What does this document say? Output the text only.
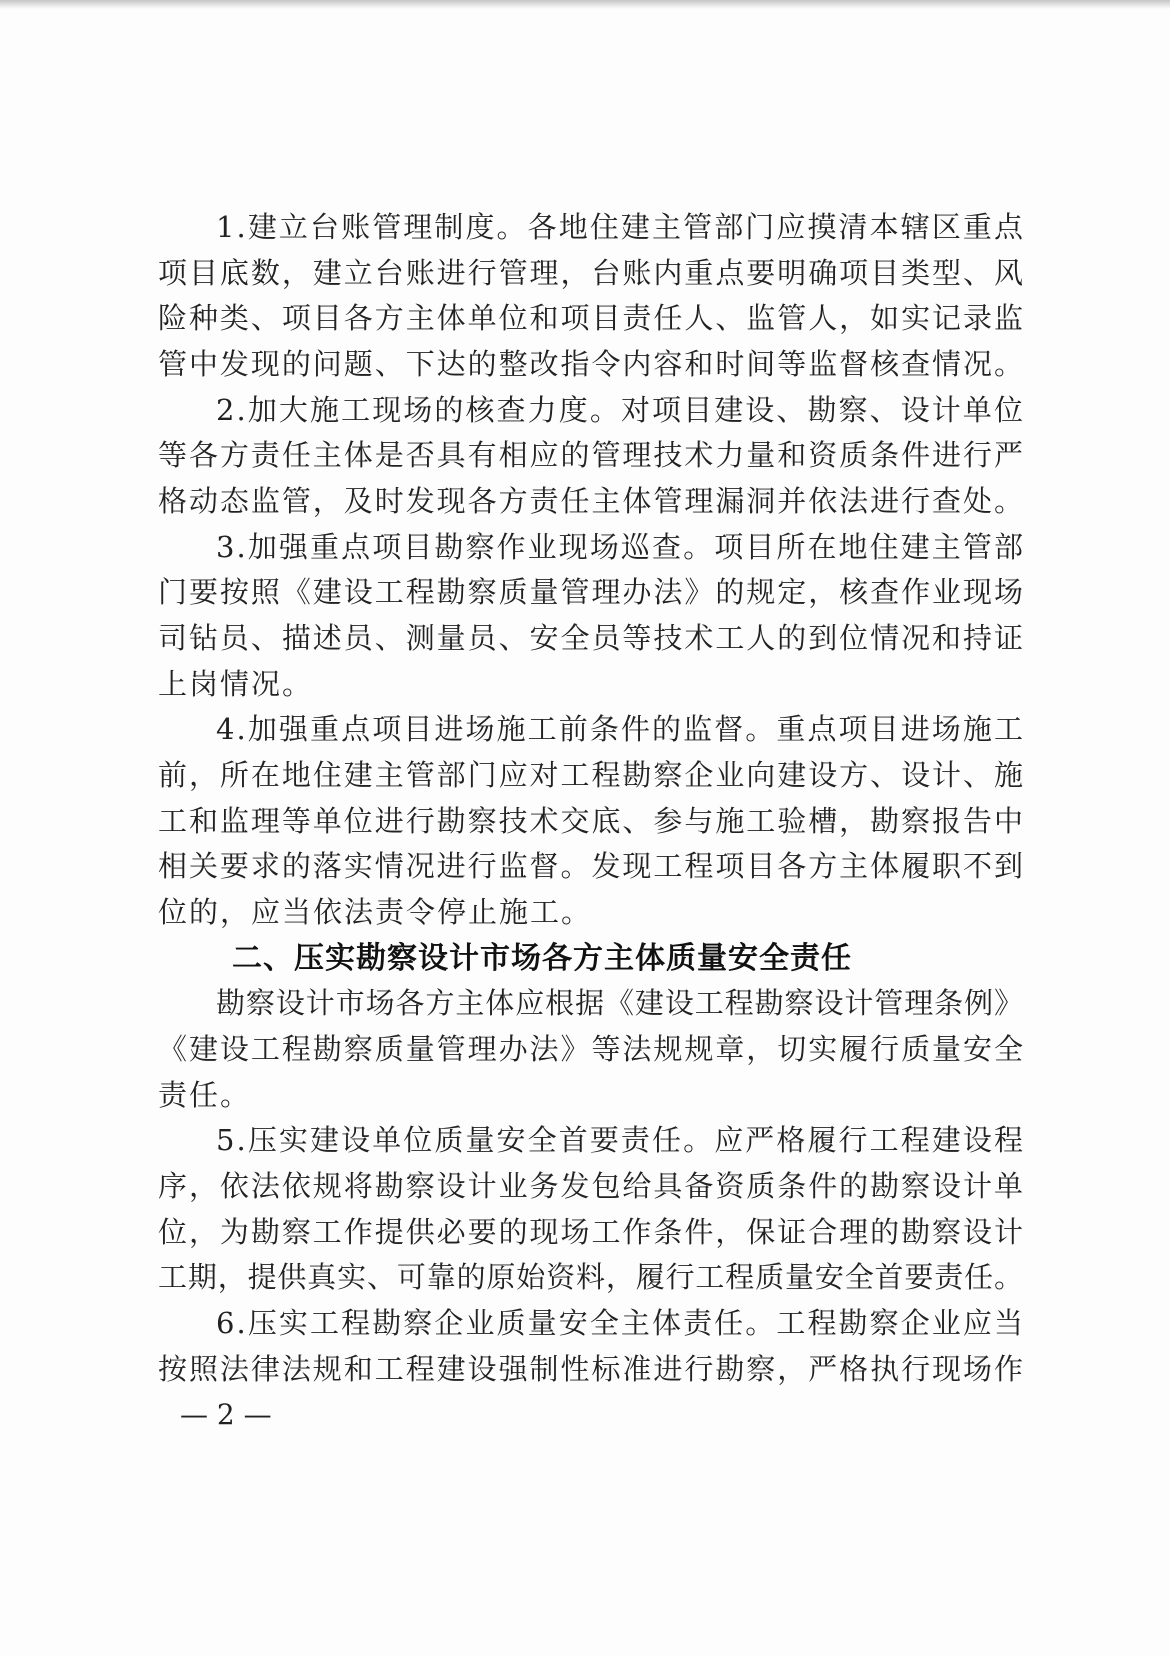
1.建立台账管理制度。各地住建主管部门应摸清本辖区重点
项目底数，建立台账进行管理，台账内重点要明确项目类型、风
险种类、项目各方主体单位和项目责任人、监管人，如实记录监
管中发现的问题、下达的整改指令内容和时间等监督核查情况。
2.加大施工现场的核查力度。对项目建设、勘察、设计单位
等各方责任主体是否具有相应的管理技术力量和资质条件进行严
格动态监管，及时发现各方责任主体管理漏洞并依法进行查处。
3.加强重点项目勘察作业现场巡查。项目所在地住建主管部
门要按照《建设工程勘察质量管理办法》的规定，核查作业现场
司钻员、描述员、测量员、安全员等技术工人的到位情况和持证
上岗情况。
4.加强重点项目进场施工前条件的监督。重点项目进场施工
前，所在地住建主管部门应对工程勘察企业向建设方、设计、施
工和监理等单位进行勘察技术交底、参与施工验槽，勘察报告中
相关要求的落实情况进行监督。发现工程项目各方主体履职不到
位的，应当依法责令停止施工。
二、压实勘察设计市场各方主体质量安全责任
勘察设计市场各方主体应根据《建设工程勘察设计管理条例》
《建设工程勘察质量管理办法》等法规规章，切实履行质量安全
责任。
5.压实建设单位质量安全首要责任。应严格履行工程建设程
序，依法依规将勘察设计业务发包给具备资质条件的勘察设计单
位，为勘察工作提供必要的现场工作条件，保证合理的勘察设计
工期，提供真实、可靠的原始资料，履行工程质量安全首要责任。
6.压实工程勘察企业质量安全主体责任。工程勘察企业应当
按照法律法规和工程建设强制性标准进行勘察，严格执行现场作
— 2 —
